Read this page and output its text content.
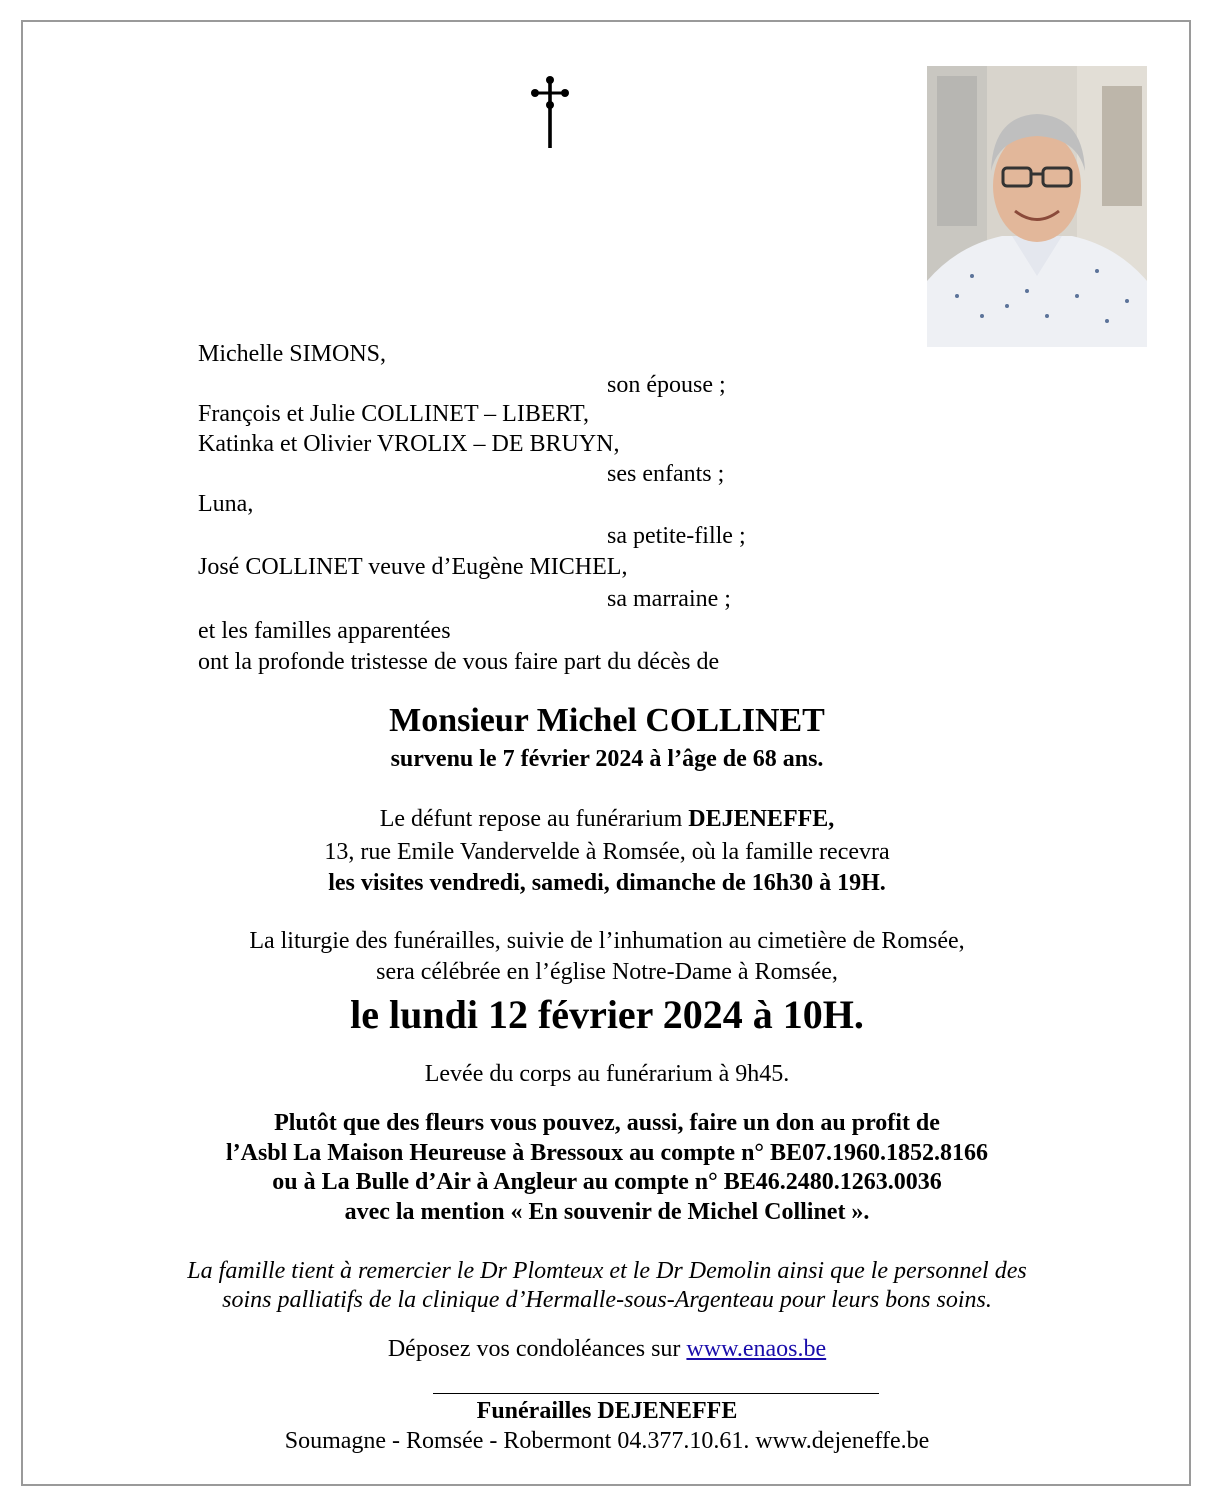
Michelle SIMONS,
son épouse ;
François et Julie COLLINET – LIBERT,
Katinka et Olivier VROLIX – DE BRUYN,
ses enfants ;
Luna,
sa petite-fille ;
José COLLINET veuve d’Eugène MICHEL,
sa marraine ;
et les familles apparentées
ont la profonde tristesse de vous faire part du décès de
Monsieur Michel COLLINET
survenu le 7 février 2024 à l’âge de 68 ans.
Le défunt repose au funérarium DEJENEFFE,
13, rue Emile Vandervelde à Romsée, où la famille recevra
les visites vendredi, samedi, dimanche de 16h30 à 19H.
La liturgie des funérailles, suivie de l’inhumation au cimetière de Romsée,
sera célébrée en l’église Notre-Dame à Romsée,
le lundi 12 février 2024 à 10H.
Levée du corps au funérarium à 9h45.
Plutôt que des fleurs vous pouvez, aussi, faire un don au profit de
l’Asbl La Maison Heureuse à Bressoux au compte n° BE07.1960.1852.8166
ou à La Bulle d’Air à Angleur au compte n° BE46.2480.1263.0036
avec la mention « En souvenir de Michel Collinet ».
La famille tient à remercier le Dr Plomteux et le Dr Demolin ainsi que le personnel des
soins palliatifs de la clinique d’Hermalle-sous-Argenteau pour leurs bons soins.
Déposez vos condoléances sur www.enaos.be
Funérailles DEJENEFFE
Soumagne - Romsée - Robermont 04.377.10.61. www.dejeneffe.be
